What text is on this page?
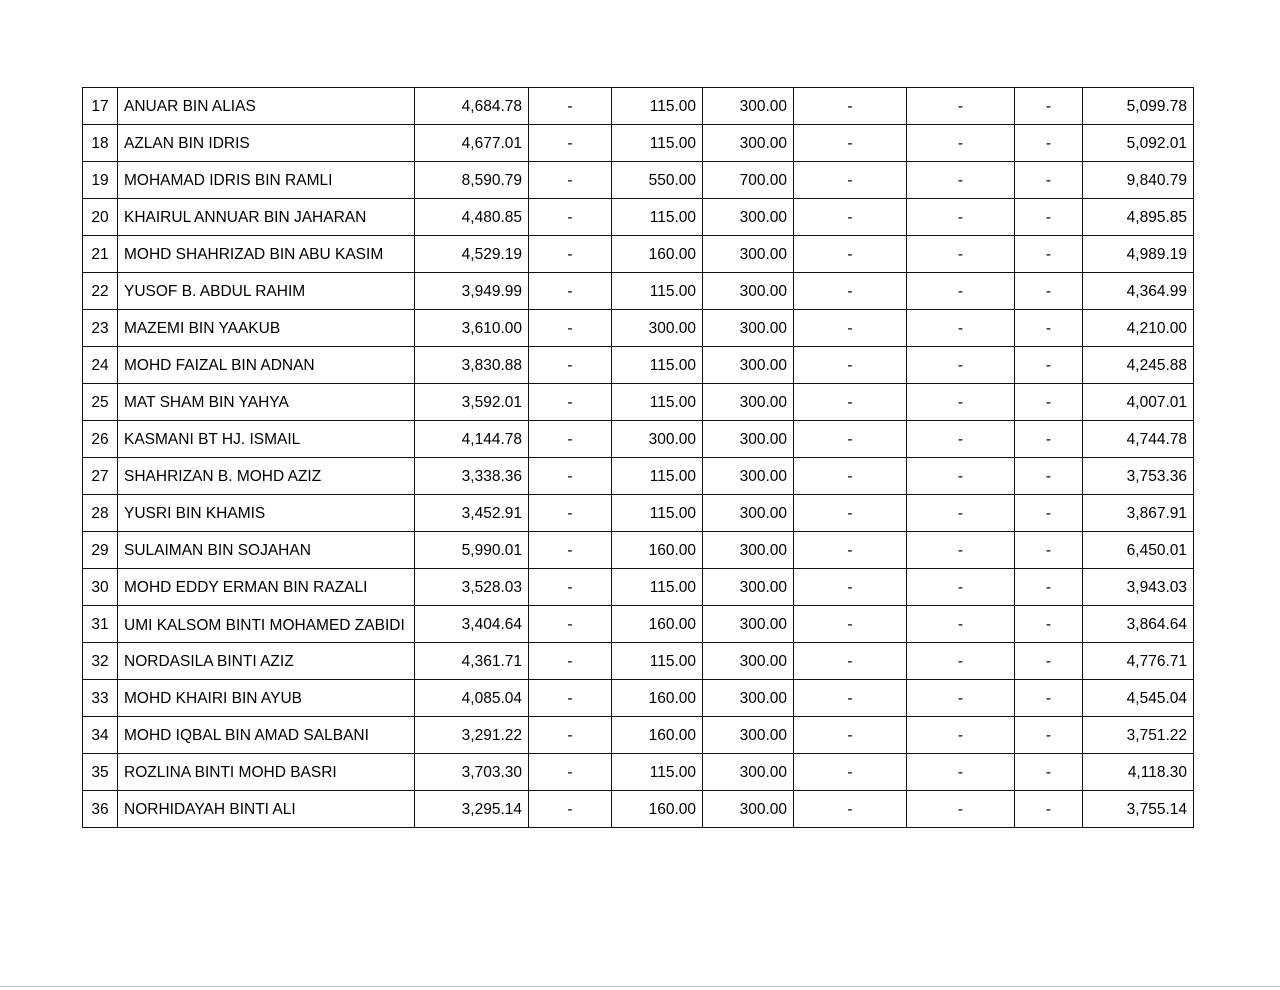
17	ANUAR BIN ALIAS	4,684.78	-	115.00	300.00	-	-	-	5,099.78
18	AZLAN BIN IDRIS	4,677.01	-	115.00	300.00	-	-	-	5,092.01
19	MOHAMAD IDRIS BIN RAMLI	8,590.79	-	550.00	700.00	-	-	-	9,840.79
20	KHAIRUL ANNUAR BIN JAHARAN	4,480.85	-	115.00	300.00	-	-	-	4,895.85
21	MOHD SHAHRIZAD BIN ABU KASIM	4,529.19	-	160.00	300.00	-	-	-	4,989.19
22	YUSOF B. ABDUL RAHIM	3,949.99	-	115.00	300.00	-	-	-	4,364.99
23	MAZEMI BIN YAAKUB	3,610.00	-	300.00	300.00	-	-	-	4,210.00
24	MOHD FAIZAL BIN ADNAN	3,830.88	-	115.00	300.00	-	-	-	4,245.88
25	MAT SHAM BIN YAHYA	3,592.01	-	115.00	300.00	-	-	-	4,007.01
26	KASMANI BT HJ. ISMAIL	4,144.78	-	300.00	300.00	-	-	-	4,744.78
27	SHAHRIZAN B. MOHD AZIZ	3,338.36	-	115.00	300.00	-	-	-	3,753.36
28	YUSRI BIN KHAMIS	3,452.91	-	115.00	300.00	-	-	-	3,867.91
29	SULAIMAN BIN SOJAHAN	5,990.01	-	160.00	300.00	-	-	-	6,450.01
30	MOHD EDDY ERMAN BIN RAZALI	3,528.03	-	115.00	300.00	-	-	-	3,943.03
31	UMI KALSOM BINTI MOHAMED ZABIDI	3,404.64	-	160.00	300.00	-	-	-	3,864.64
32	NORDASILA BINTI AZIZ	4,361.71	-	115.00	300.00	-	-	-	4,776.71
33	MOHD KHAIRI BIN AYUB	4,085.04	-	160.00	300.00	-	-	-	4,545.04
34	MOHD IQBAL BIN AMAD SALBANI	3,291.22	-	160.00	300.00	-	-	-	3,751.22
35	ROZLINA BINTI MOHD BASRI	3,703.30	-	115.00	300.00	-	-	-	4,118.30
36	NORHIDAYAH BINTI ALI	3,295.14	-	160.00	300.00	-	-	-	3,755.14
